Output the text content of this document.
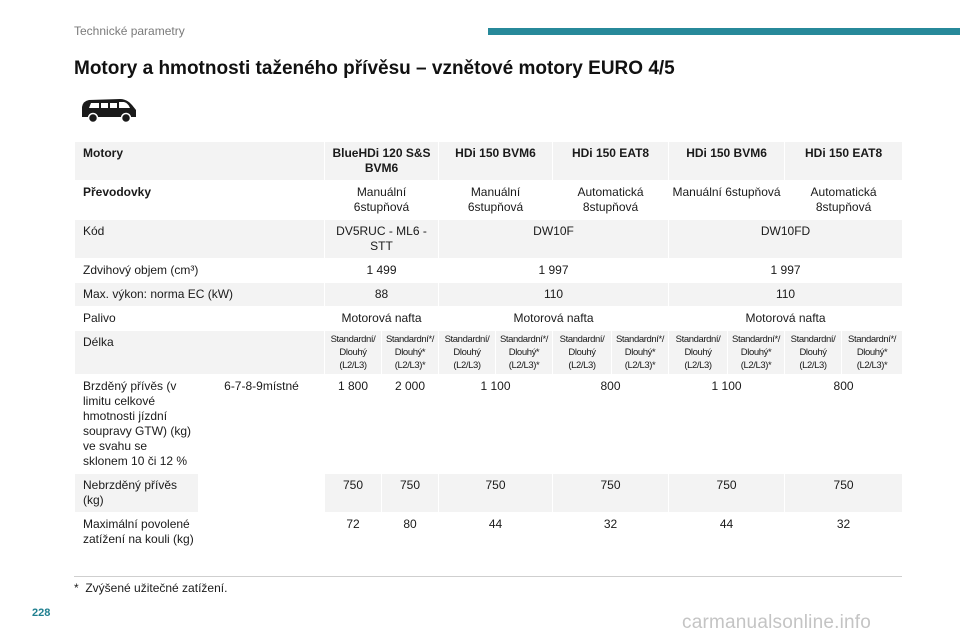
Technické parametry
Motory a hmotnosti taženého přívěsu – vznětové motory EURO 4/5
Motory		BlueHDi 120 S&S BVM6		HDi 150 BVM6		HDi 150 EAT8		HDi 150 BVM6		HDi 150 EAT8	
Převodovky		Manuální 6stupňová		Manuální 6stupňová		Automatická 8stupňová		Manuální 6stupňová		Automatická 8stupňová	
Kód		DV5RUC - ML6 - STT		DW10F				DW10FD			
Zdvihový objem (cm³)		1 499		1 997				1 997			
Max. výkon: norma EC (kW)		88		110				110			
Palivo		Motorová nafta		Motorová nafta				Motorová nafta			
Délka		Standardní/ Dlouhý (L2/L3)	Standardní*/ Dlouhý* (L2/L3)*	Standardní/ Dlouhý (L2/L3)	Standardní*/ Dlouhý* (L2/L3)*	Standardní/ Dlouhý (L2/L3)	Standardní*/ Dlouhý* (L2/L3)*	Standardní/ Dlouhý (L2/L3)	Standardní*/ Dlouhý* (L2/L3)*	Standardní/ Dlouhý (L2/L3)	Standardní*/ Dlouhý* (L2/L3)*
Brzděný přívěs (v limitu celkové hmotnosti jízdní soupravy GTW) (kg) ve svahu se sklonem 10 či 12 %	6-7-8-9místné	1 800	2 000	1 100		800		1 100		800	
Nebrzděný přívěs (kg)		750	750	750		750		750		750	
Maximální povolené zatížení na kouli (kg)		72	80	44		32		44		32	
* Zvýšené užitečné zatížení.
228	carmanualsonline.info
